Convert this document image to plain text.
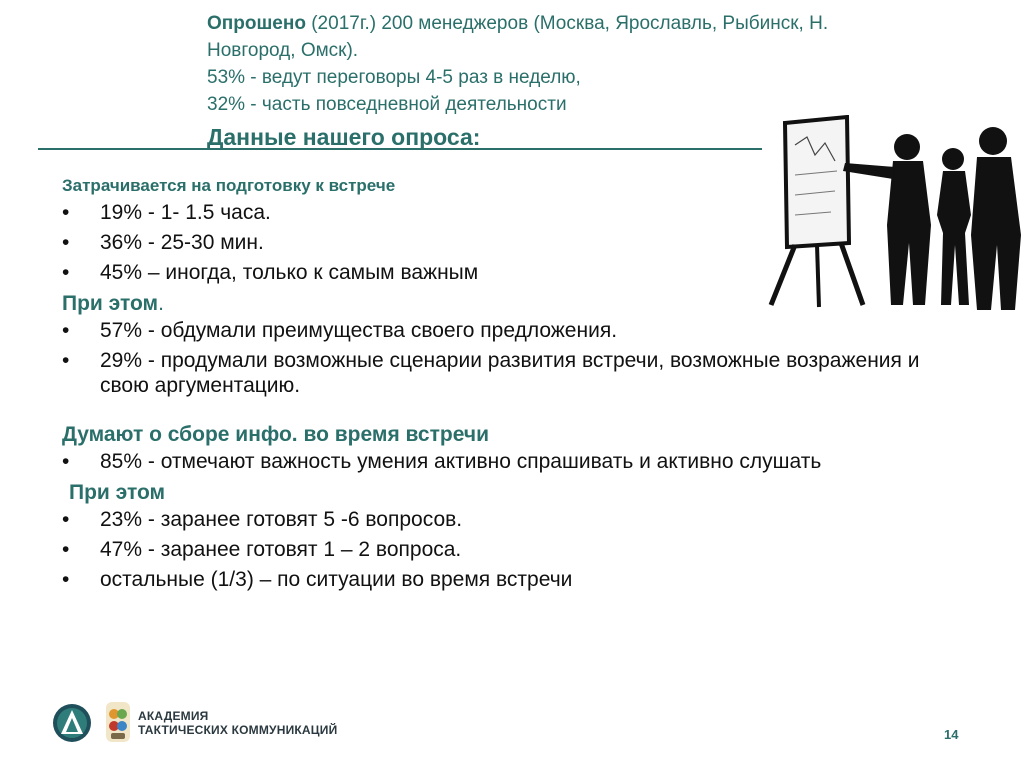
Опрошено (2017г.) 200 менеджеров (Москва, Ярославль, Рыбинск, Н.
Новгород, Омск).
53% - ведут переговоры 4-5 раз в неделю,
32% - часть повседневной деятельности
Данные нашего опроса:
Затрачивается на подготовку к встрече
• 19% - 1- 1.5 часа.
• 36% - 25-30 мин.
• 45% – иногда, только к самым важным
При этом.
• 57% - обдумали преимущества своего предложения.
• 29% - продумали возможные сценарии развития встречи, возможные возражения и свою аргументацию.
Думают о сборе инфо. во время встречи
• 85% - отмечают важность умения активно спрашивать и активно слушать
При этом
• 23% - заранее готовят 5 -6 вопросов.
• 47% - заранее готовят 1 – 2 вопроса.
• остальные (1/3) – по ситуации во время встречи
АКАДЕМИЯ
ТАКТИЧЕСКИХ КОММУНИКАЦИЙ	14
